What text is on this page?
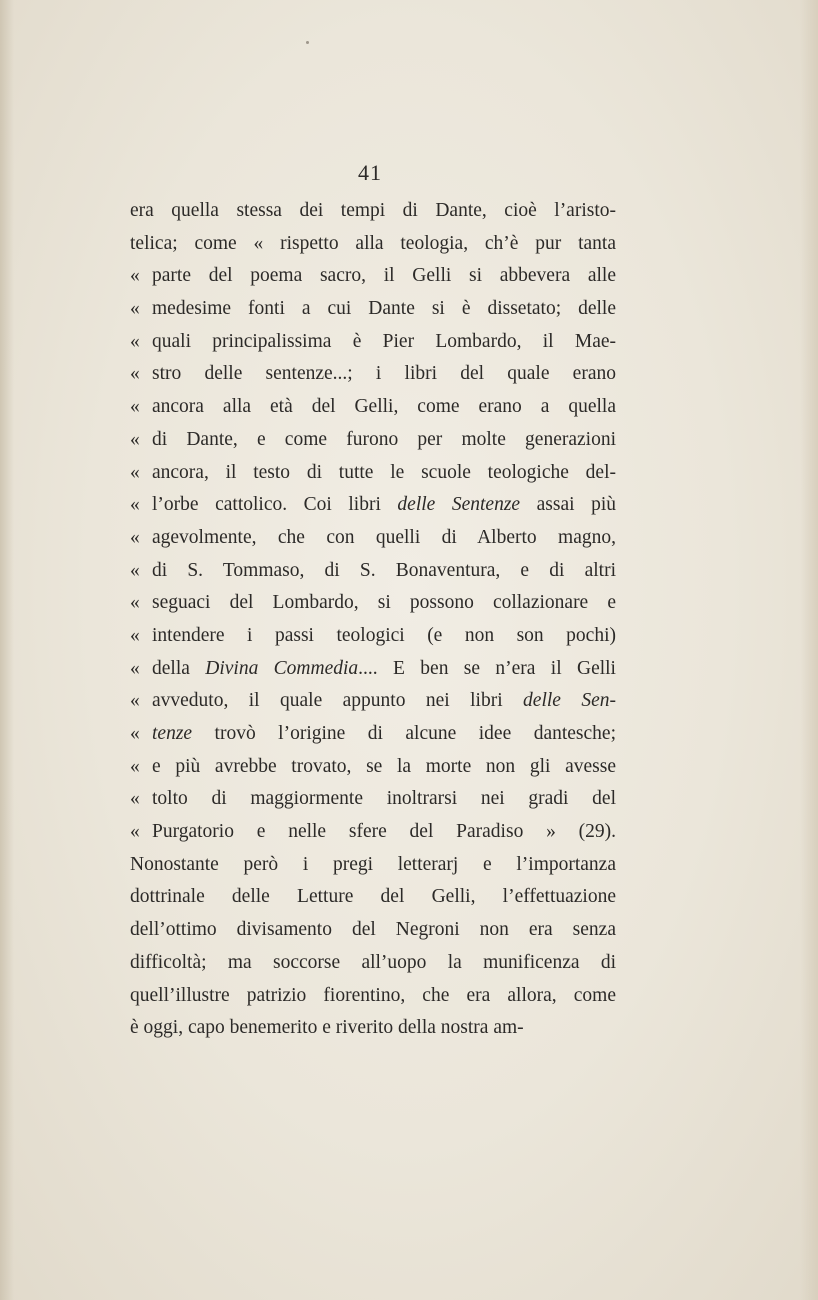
41
era quella stessa dei tempi di Dante, cioè l’aristo-
telica; come « rispetto alla teologia, ch’è pur tanta
« parte del poema sacro, il Gelli si abbevera alle
« medesime fonti a cui Dante si è dissetato; delle
« quali principalissima è Pier Lombardo, il Mae-
« stro delle sentenze...; i libri del quale erano
« ancora alla età del Gelli, come erano a quella
« di Dante, e come furono per molte generazioni
« ancora, il testo di tutte le scuole teologiche del-
« l’orbe cattolico. Coi libri delle Sentenze assai più
« agevolmente, che con quelli di Alberto magno,
« di S. Tommaso, di S. Bonaventura, e di altri
« seguaci del Lombardo, si possono collazionare e
« intendere i passi teologici (e non son pochi)
« della Divina Commedia.... E ben se n’era il Gelli
« avveduto, il quale appunto nei libri delle Sen-
« tenze trovò l’origine di alcune idee dantesche;
« e più avrebbe trovato, se la morte non gli avesse
« tolto di maggiormente inoltrarsi nei gradi del
« Purgatorio e nelle sfere del Paradiso » (29).
Nonostante però i pregi letterarj e l’importanza
dottrinale delle Letture del Gelli, l’effettuazione
dell’ottimo divisamento del Negroni non era senza
difficoltà; ma soccorse all’uopo la munificenza di
quell’illustre patrizio fiorentino, che era allora, come
è oggi, capo benemerito e riverito della nostra am-
